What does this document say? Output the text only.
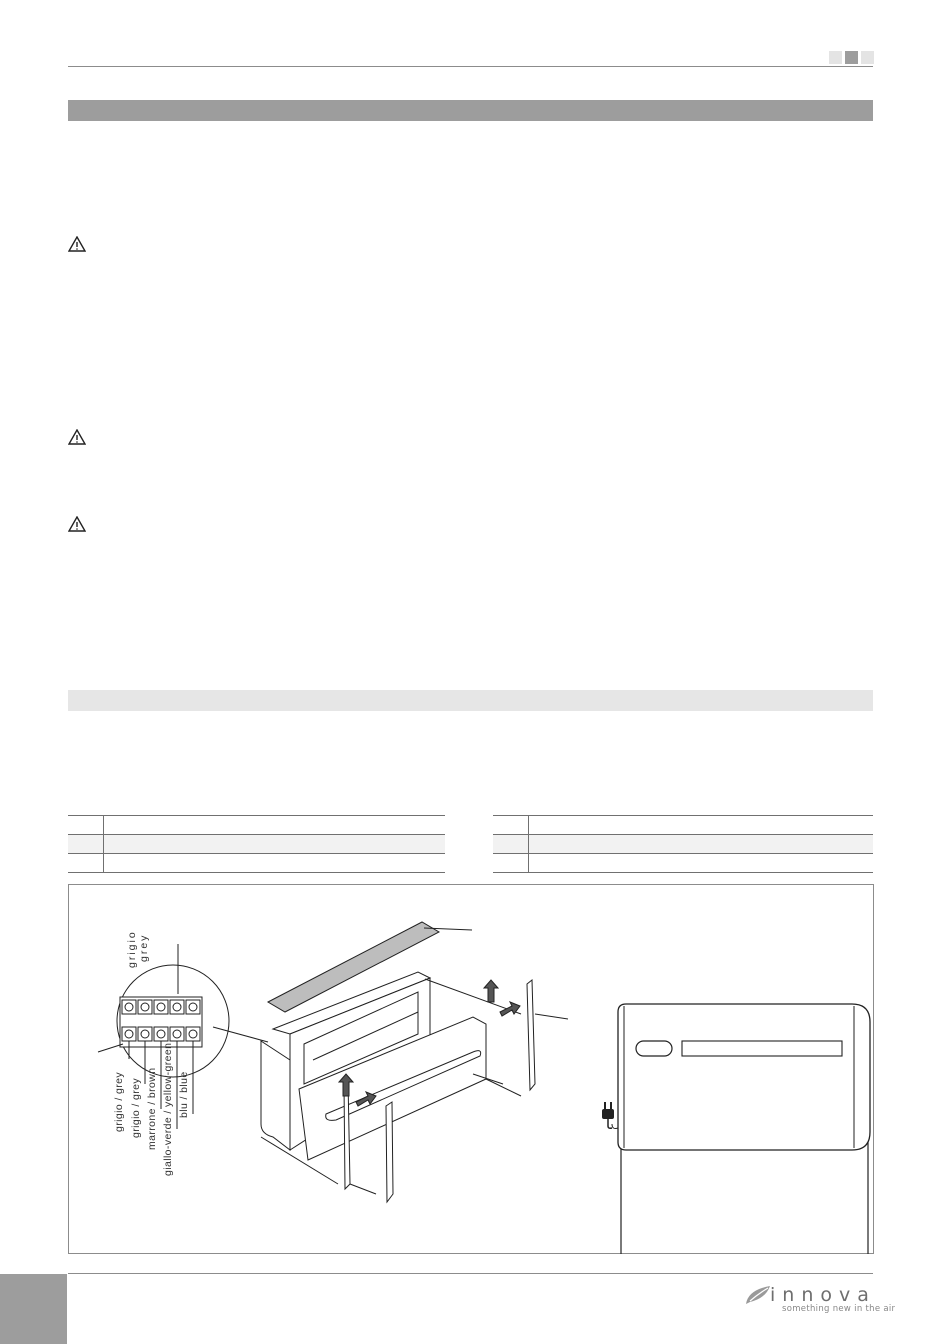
grigio grey
grigio / grey grigio / grey marrone / brown giallo-verde / yellow-green blu / blue
innova
something new in the air
